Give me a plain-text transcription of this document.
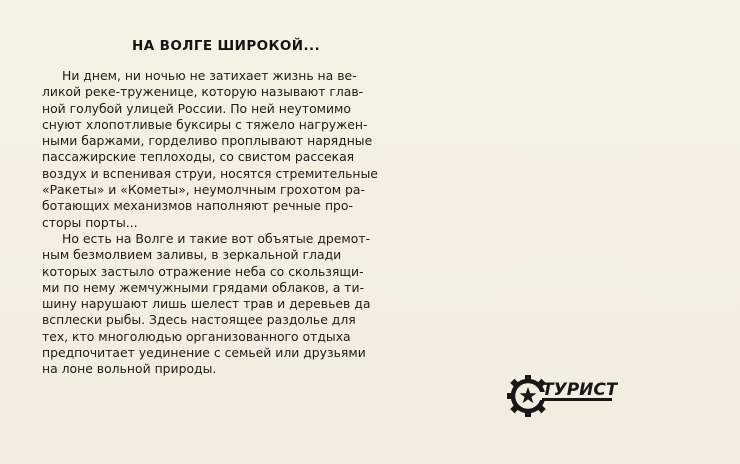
НА ВОЛГЕ ШИРОКОЙ...
Ни днем, ни ночью не затихает жизнь на ве-
ликой реке-труженице, которую называют глав-
ной голубой улицей России. По ней неутомимо
снуют хлопотливые буксиры с тяжело нагружен-
ными баржами, горделиво проплывают нарядные
пассажирские теплоходы, со свистом рассекая
воздух и вспенивая струи, носятся стремительные
«Ракеты» и «Кометы», неумолчным грохотом ра-
ботающих механизмов наполняют речные про-
сторы порты...
Но есть на Волге и такие вот объятые дремот-
ным безмолвием заливы, в зеркальной глади
которых застыло отражение неба со скользящи-
ми по нему жемчужными грядами облаков, а ти-
шину нарушают лишь шелест трав и деревьев да
всплески рыбы. Здесь настоящее раздолье для
тех, кто многолюдью организованного отдыха
предпочитает уединение с семьей или друзьями
на лоне вольной природы.
ТУРИСТ
